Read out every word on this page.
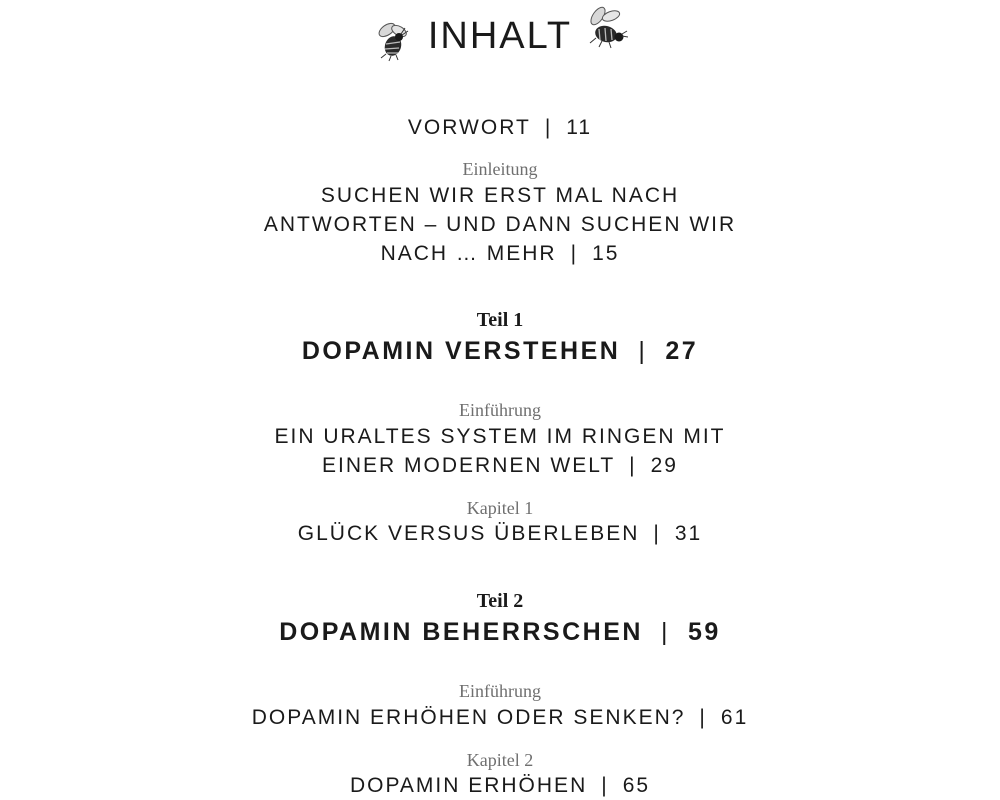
INHALT
VORWORT | 11
Einleitung
SUCHEN WIR ERST MAL NACH
ANTWORTEN – UND DANN SUCHEN WIR
NACH … MEHR | 15
Teil 1
DOPAMIN VERSTEHEN | 27
Einführung
EIN URALTES SYSTEM IM RINGEN MIT
EINER MODERNEN WELT | 29
Kapitel 1
GLÜCK VERSUS ÜBERLEBEN | 31
Teil 2
DOPAMIN BEHERRSCHEN | 59
Einführung
DOPAMIN ERHÖHEN ODER SENKEN? | 61
Kapitel 2
DOPAMIN ERHÖHEN | 65
